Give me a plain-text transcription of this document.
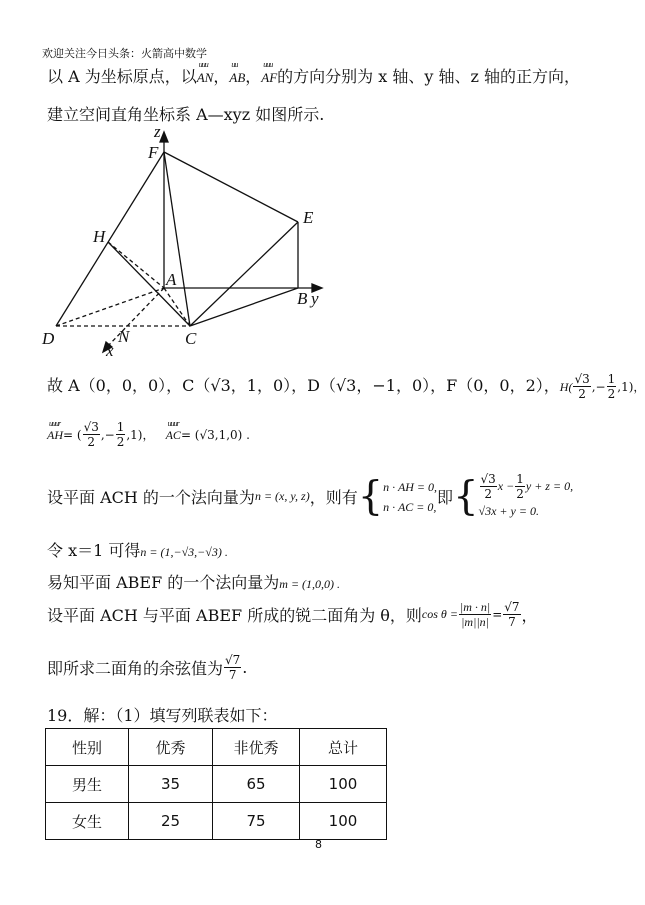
欢迎关注今日头条：火箭高中数学
以 A 为坐标原点，以
uuu
AN，
uu
AB，
uuu
AF的方向分别为 x 轴、y 轴、z 轴的正方向，
建立空间直角坐标系 A—xyz 如图所示.
z
F
E
H
A
B y
D	N	C
x
故 A（0，0，0），C（√3，1，0），D（√3，−1，0），F（0，0，2），$H( \frac{√3}{2}$ ,− $\frac{1}{2} ,1$)，
uuur
AH= ( $\frac{√3}{2}$ ,− $\frac{1}{2} ,1$)，
uuur
AC= (√3,1,0) .
设平面 ACH 的一个法向量为n = (x, y, z)，则有{ n · AH = 0,
n · AC = 0, 即{ $\frac{√3}{2}$ $x - \frac{1}{2}$ y + z = 0,
√3x + y = 0.
令 x＝1 可得n = (1,−√3,−√3) .
易知平面 ABEF 的一个法向量为m = (1,0,0) .
设平面 ACH 与平面 ABEF 所成的锐二面角为 θ，则$\cos \theta = \frac{|m \cdot n|}{|m||n|} = \frac{√7}{7}$ ，
即所求二面角的余弦值为 $\frac{√7}{7}$ .
19．解：（1）填写列联表如下：
性别	优秀	非优秀	总计
男生	35	65	100
女生	25	75	100
8
